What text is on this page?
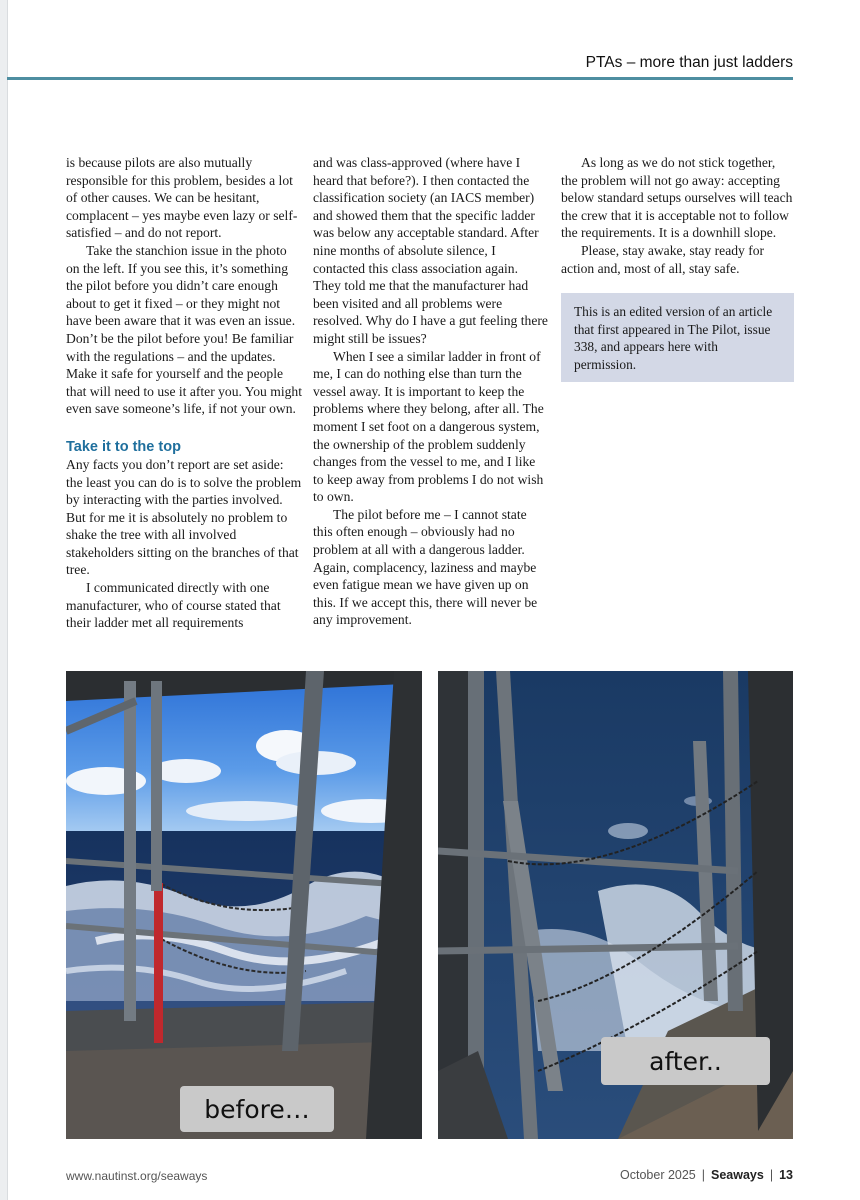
PTAs – more than just ladders

is because pilots are also mutually responsible for this problem, besides a lot of other causes. We can be hesitant, complacent – yes maybe even lazy or self-satisfied – and do not report.

Take the stanchion issue in the photo on the left. If you see this, it’s something the pilot before you didn’t care enough about to get it fixed – or they might not have been aware that it was even an issue. Don’t be the pilot before you! Be familiar with the regulations – and the updates. Make it safe for yourself and the people that will need to use it after you. You might even save someone’s life, if not your own.

Take it to the top

Any facts you don’t report are set aside: the least you can do is to solve the problem by interacting with the parties involved. But for me it is absolutely no problem to shake the tree with all involved stakeholders sitting on the branches of that tree.

I communicated directly with one manufacturer, who of course stated that their ladder met all requirements

and was class-approved (where have I heard that before?). I then contacted the classification society (an IACS member) and showed them that the specific ladder was below any acceptable standard. After nine months of absolute silence, I contacted this class association again. They told me that the manufacturer had been visited and all problems were resolved. Why do I have a gut feeling there might still be issues?

When I see a similar ladder in front of me, I can do nothing else than turn the vessel away. It is important to keep the problems where they belong, after all. The moment I set foot on a dangerous system, the ownership of the problem suddenly changes from the vessel to me, and I like to keep away from problems I do not wish to own.

The pilot before me – I cannot state this often enough – obviously had no problem at all with a dangerous ladder. Again, complacency, laziness and maybe even fatigue mean we have given up on this. If we accept this, there will never be any improvement.

As long as we do not stick together, the problem will not go away: accepting below standard setups ourselves will teach the crew that it is acceptable not to follow the requirements. It is a downhill slope.

Please, stay awake, stay ready for action and, most of all, stay safe.

This is an edited version of an article that first appeared in The Pilot, issue 338, and appears here with permission.
before…
after..
www.nautinst.org/seaways	October 2025 | Seaways | 13
